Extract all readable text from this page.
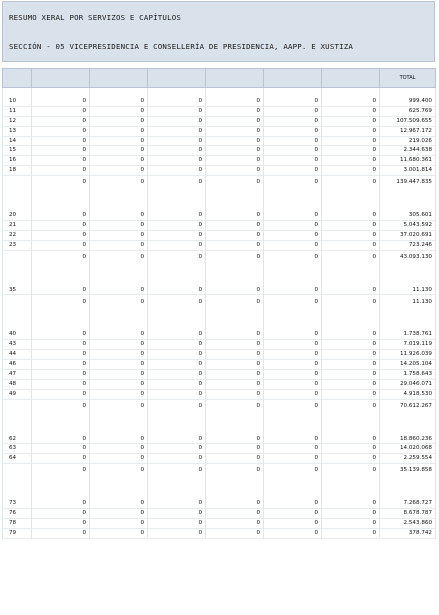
RESUMO XERAL POR SERVIZOS E CAPÍTULOS
SECCIÓN - 05 VICEPRESIDENCIA E CONSELLERÍA DE PRESIDENCIA, AAPP. E XUSTIZA
							TOTAL

10	0	0	0	0	0	0	999.400
11	0	0	0	0	0	0	625.769
12	0	0	0	0	0	0	107.509.655
13	0	0	0	0	0	0	12.967.172
14	0	0	0	0	0	0	219.026
15	0	0	0	0	0	0	2.344.638
16	0	0	0	0	0	0	11.680.361
18	0	0	0	0	0	0	3.001.814
	0	0	0	0	0	0	139.447.835

20	0	0	0	0	0	0	305.601
21	0	0	0	0	0	0	5.043.592
22	0	0	0	0	0	0	37.020.691
23	0	0	0	0	0	0	723.246
	0	0	0	0	0	0	43.093.130

35	0	0	0	0	0	0	11.130
	0	0	0	0	0	0	11.130

40	0	0	0	0	0	0	1.738.761
43	0	0	0	0	0	0	7.019.119
44	0	0	0	0	0	0	11.926.039
46	0	0	0	0	0	0	14.205.104
47	0	0	0	0	0	0	1.758.643
48	0	0	0	0	0	0	29.046.071
49	0	0	0	0	0	0	4.918.530
	0	0	0	0	0	0	70.612.267

62	0	0	0	0	0	0	18.860.236
63	0	0	0	0	0	0	14.020.068
64	0	0	0	0	0	0	2.259.554
	0	0	0	0	0	0	35.139.858

73	0	0	0	0	0	0	7.268.727
76	0	0	0	0	0	0	8.678.787
78	0	0	0	0	0	0	2.543.860
79	0	0	0	0	0	0	378.742
